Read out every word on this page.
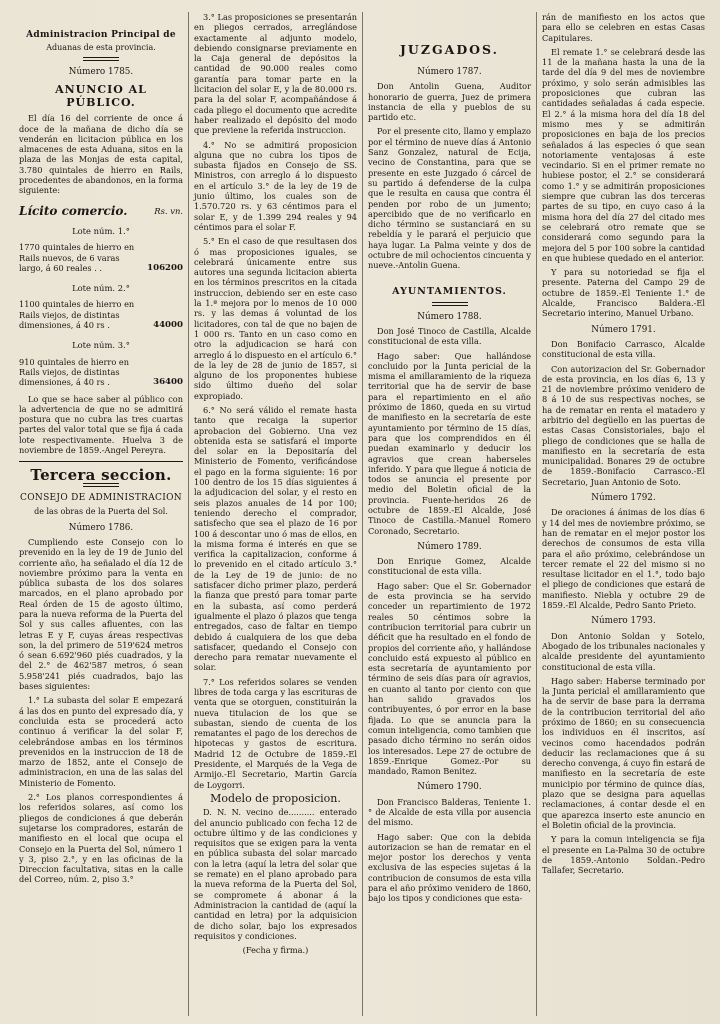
Administracion Principal de
Aduanas de esta provincia.
Número 1785.
ANUNCIO AL PÚBLICO.

El día 16 del corriente de once á doce de la mañana de dicho día se venderán en licitacion pública en los almacenes de esta Aduana, sitos en la plaza de las Monjas de esta capital, 3.780 quintales de hierro en Rails, procedentes de abandonos, en la forma siguiente:

Lícito comercio.	Rs. vn.
Lote núm. 1.°
1770 quintales de hierro en Rails nuevos, de 6 varas largo, á 60 reales . .	106200
Lote núm. 2.°
1100 quintales de hierro en Rails viejos, de distintas dimensiones, á 40 rs .	44000
Lote núm. 3.°
910 quintales de hierro en Rails viejos, de distintas dimensiones, á 40 rs .	36400

Lo que se hace saber al público con la advertencia de que no se admitirá postura que no cubra las tres cuartas partes del valor total que se fija á cada lote respectivamente. Huelva 3 de noviembre de 1859.-Angel Pereyra.

Tercera seccion.
CONSEJO DE ADMINISTRACION
de las obras de la Puerta del Sol.
Número 1786.

Cumpliendo este Consejo con lo prevenido en la ley de 19 de Junio del corriente año, ha señalado el día 12 de noviembre próximo para la venta en pública subasta de los dos solares marcados, en el plano aprobado por Real órden de 15 de agosto último, para la nueva reforma de la Puerta del Sol y sus calles afluentes, con las letras E y F, cuyas áreas respectivas son, la del primero de 519'624 metros ó sean 6.692'960 piés cuadrados, y la del 2.° de 462'587 metros, ó sean 5.958'241 piés cuadrados, bajo las bases siguientes:

1.° La subasta del solar E empezará á las dos en punto del expresado día, y concluida esta se procederá acto continuo á verificar la del solar F, celebrándose ambas en los términos prevenidos en la instruccion de 18 de marzo de 1852, ante el Consejo de administracion, en una de las salas del Ministerio de Fomento.

2.° Los planos correspondientes á los referidos solares, así como los pliegos de condiciones á que deberán sujetarse los compradores, estarán de manifiesto en el local que ocupa el Consejo en la Puerta del Sol, número 1 y 3, piso 2.°, y en las oficinas de la Direccion facultativa, sitas en la calle del Correo, núm. 2, piso 3.°

3.° Las proposiciones se presentarán en pliegos cerrados, arreglándose exactamente al adjunto modelo, debiendo consignarse previamente en la Caja general de depósitos la cantidad de 90.000 reales como garantía para tomar parte en la licitacion del solar E, y la de 80.000 rs. para la del solar F, acompañándose á cada pliego el documento que acredite haber realizado el depósito del modo que previene la referida instruccion.

4.° No se admitirá proposicion alguna que no cubra los tipos de subasta fijados en Consejo de SS. Ministros, con arreglo á lo dispuesto en el artículo 3.° de la ley de 19 de junio último, los cuales son de 1.570.720 rs. y 63 céntimos para el solar E, y de 1.399 294 reales y 94 céntimos para el solar F.

5.° En el caso de que resultasen dos ó mas proposiciones iguales, se celebrará únicamente entre sus autores una segunda licitacion abierta en los términos prescritos en la citada instruccion, debiendo ser en este caso la 1.ª mejora por lo menos de 10 000 rs. y las demas á voluntad de los licitadores, con tal de que no bajen de 1 000 rs. Tanto en un caso como en otro la adjudicacion se hará con arreglo á lo dispuesto en el artículo 6.° de la ley de 28 de junio de 1857, si alguno de los proponentes hubiese sido último dueño del solar expropiado.

6.° No será válido el remate hasta tanto que recaiga la superior aprobacion del Gobierno. Una vez obtenida esta se satisfará el importe del solar en la Depositaría del Ministerio de Fomento, verificándose el pago en la forma siguiente: 16 por 100 dentro de los 15 días siguientes á la adjudicacion del solar, y el resto en seis plazos anuales de 14 por 100; teniendo derecho el comprador, satisfecho que sea el plazo de 16 por 100 á descontar uno ó mas de ellos, en la misma forma é interés en que se verifica la capitalizacion, conforme á lo prevenido en el citado artículo 3.° de la Ley de 19 de junio: de no satisfacer dicho primer plazo, perderá la fianza que prestó para tomar parte en la subasta, así como perderá igualmente el plazo ó plazos que tenga entregados, caso de faltar en tiempo debido á cualquiera de los que deba satisfacer, quedando el Consejo con derecho para rematar nuevamente el solar.

7.° Los referidos solares se venden libres de toda carga y las escrituras de venta que se otorguen, constituirán la nueva titulacion de los que se subastan, siendo de cuenta de los rematantes el pago de los derechos de hipotecas y gastos de escritura. Madrid 12 de Octubre de 1859.-El Presidente, el Marqués de la Vega de Armijo.-El Secretario, Martin García de Loygorri.

Modelo de proposicion.

D. N. N. vecino de.......... enterado del anuncio publicado con fecha 12 de octubre último y de las condiciones y requisitos que se exigen para la venta en pública subasta del solar marcado con la letra (aquí la letra del solar que se remate) en el plano aprobado para la nueva reforma de la Puerta del Sol, se compromete á abonar á la Administracion la cantidad de (aquí la cantidad en letra) por la adquisicion de dicho solar, bajo los expresados requisitos y condiciones.

(Fecha y firma.)
JUZGADOS.
Número 1787.

Don Antolin Guena, Auditor honorario de guerra, Juez de primera instancia de ella y pueblos de su partido etc.

Por el presente cito, llamo y emplazo por el término de nueve días á Antonio Sanz Gonzalez, natural de Ecija, vecino de Constantina, para que se presente en este Juzgado ó cárcel de su partido á defenderse de la culpa que le resulta en causa que contra él penden por robo de un jumento; apercibido que de no verificarlo en dicho término se sustanciará en su rebeldía y le parará el perjuicio que haya lugar. La Palma veinte y dos de octubre de mil ochocientos cincuenta y nueve.-Antolin Guena.

AYUNTAMIENTOS.
Número 1788.

Don José Tinoco de Castilla, Alcalde constitucional de esta villa.

Hago saber: Que hallándose concluido por la Junta pericial de la misma el amillaramiento de la riqueza territorial que ha de servir de base para el repartimiento en el año próximo de 1860, queda en su virtud de manifiesto en la secretaría de este ayuntamiento por término de 15 días, para que los comprendidos en él puedan examinarlo y deducir los agravios que crean haberseles inferido. Y para que llegue á noticia de todos se anuncia el presente por medio del Boletin oficial de la provincia. Fuente-heridos 26 de octubre de 1859.-El Alcalde, José Tinoco de Castilla.-Manuel Romero Coronado, Secretario.

Número 1789.

Don Enrique Gomez, Alcalde constitucional de esta villa.

Hago saber: Que el Sr. Gobernador de esta provincia se ha servido conceder un repartimiento de 1972 reales 50 céntimos sobre la contribucion territorial para cubrir un déficit que ha resultado en el fondo de propios del corriente año, y hallándose concluido está expuesto al público en esta secretaría de ayuntamiento por término de seis días para oír agravios, en cuanto al tanto por ciento con que han salido gravados los contribuyentes, ó por error en la base fijada. Lo que se anuncia para la comun inteligencia, como tambien que pasado dicho término no serán oidos los interesados. Lepe 27 de octubre de 1859.-Enrique Gomez.-Por su mandado, Ramon Benitez.

Número 1790.

Don Francisco Balderas, Teniente 1.° de Alcalde de esta villa por ausencia del mismo.

Hago saber: Que con la debida autorizacion se han de rematar en el mejor postor los derechos y venta exclusiva de las especies sujetas á la contribucion de consumos de esta villa para el año próximo venidero de 1860, bajo los tipos y condiciones que esta-

rán de manifiesto en los actos que para ello se celebren en estas Casas Capitulares.

El remate 1.° se celebrará desde las 11 de la mañana hasta la una de la tarde del día 9 del mes de noviembre próximo, y solo serán admisibles las proposiciones que cubran las cantidades señaladas á cada especie. El 2.° á la misma hora del día 18 del mismo mes y se admitirán proposiciones en baja de los precios señalados á las especies ó que sean notoriamente ventajosas á este vecindario. Si en el primer remate no hubiese postor, el 2.° se considerará como 1.° y se admitirán proposiciones siempre que cubran las dos terceras partes de su tipo, en cuyo caso á la misma hora del día 27 del citado mes se celebrará otro remate que se considerará como segundo para la mejora del 5 por 100 sobre la cantidad en que hubiese quedado en el anterior.

Y para su notoriedad se fija el presente. Paterna del Campo 29 de octubre de 1859.-El Teniente 1.° de Alcalde, Francisco Baldera.-El Secretario interino, Manuel Urbano.

Número 1791.

Don Bonifacio Carrasco, Alcalde constitucional de esta villa.

Con autorizacion del Sr. Gobernador de esta provincia, en los días 6, 13 y 21 de noviembre próximo venidero de 8 á 10 de sus respectivas noches, se ha de rematar en renta el matadero y arbitrio del degüello en las puertas de estas Casas Consistoriales, bajo el pliego de condiciones que se halla de manifiesto en la secretaría de esta municipalidad. Bonares 29 de octubre de 1859.-Bonifacio Carrasco.-El Secretario, Juan Antonio de Soto.

Número 1792.

De oraciones á ánimas de los días 6 y 14 del mes de noviembre próximo, se han de rematar en el mejor postor los derechos de consumos de esta villa para el año próximo, celebrándose un tercer remate el 22 del mismo si no resultase licitador en el 1.°, todo bajo el pliego de condiciones que estará de manifiesto. Niebla y octubre 29 de 1859.-El Alcalde, Pedro Santo Prieto.

Número 1793.

Don Antonio Soldan y Sotelo, Abogado de los tribunales nacionales y alcalde presidente del ayuntamiento constitucional de esta villa.

Hago saber: Haberse terminado por la Junta pericial el amillaramiento que ha de servir de base para la derrama de la contribucion territorial del año próximo de 1860; en su consecuencia los individuos en él inscritos, así vecinos como hacendados podrán deducir las reclamaciones que á su derecho convenga, á cuyo fin estará de manifiesto en la secretaría de este municipio por término de quince días, plazo que se designa para aquellas reclamaciones, á contar desde el en que aparezca inserto este anuncio en el Boletin oficial de la provincia.

Y para la comun inteligencia se fija el presente en La-Palma 30 de octubre de 1859.-Antonio Soldan.-Pedro Tallafer, Secretario.
